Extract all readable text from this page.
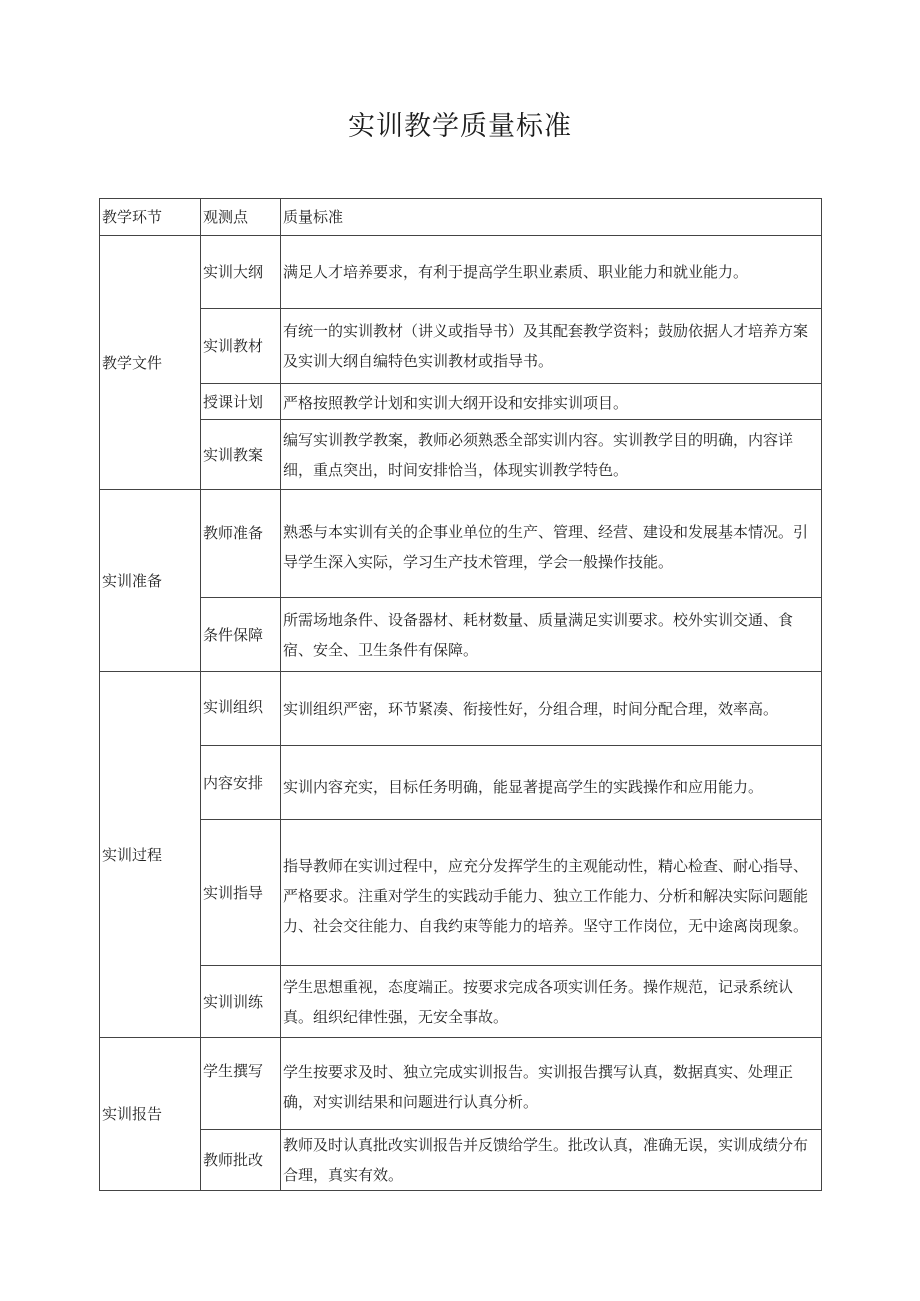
实训教学质量标准
教学环节	观测点	质量标准
教学文件	实训大纲	满足人才培养要求，有利于提高学生职业素质、职业能力和就业能力。
	实训教材	有统一的实训教材（讲义或指导书）及其配套教学资料；鼓励依据人才培养方案及实训大纲自编特色实训教材或指导书。
	授课计划	严格按照教学计划和实训大纲开设和安排实训项目。
	实训教案	编写实训教学教案，教师必须熟悉全部实训内容。实训教学目的明确，内容详细，重点突出，时间安排恰当，体现实训教学特色。
实训准备	教师准备	熟悉与本实训有关的企事业单位的生产、管理、经营、建设和发展基本情况。引导学生深入实际，学习生产技术管理，学会一般操作技能。
	条件保障	所需场地条件、设备器材、耗材数量、质量满足实训要求。校外实训交通、食宿、安全、卫生条件有保障。
实训过程	实训组织	实训组织严密，环节紧凑、衔接性好，分组合理，时间分配合理，效率高。
	内容安排	实训内容充实，目标任务明确，能显著提高学生的实践操作和应用能力。
	实训指导	指导教师在实训过程中，应充分发挥学生的主观能动性，精心检查、耐心指导、严格要求。注重对学生的实践动手能力、独立工作能力、分析和解决实际问题能力、社会交往能力、自我约束等能力的培养。坚守工作岗位，无中途离岗现象。
	实训训练	学生思想重视，态度端正。按要求完成各项实训任务。操作规范，记录系统认真。组织纪律性强，无安全事故。
实训报告	学生撰写	学生按要求及时、独立完成实训报告。实训报告撰写认真，数据真实、处理正确，对实训结果和问题进行认真分析。
	教师批改	教师及时认真批改实训报告并反馈给学生。批改认真，准确无误，实训成绩分布合理，真实有效。
